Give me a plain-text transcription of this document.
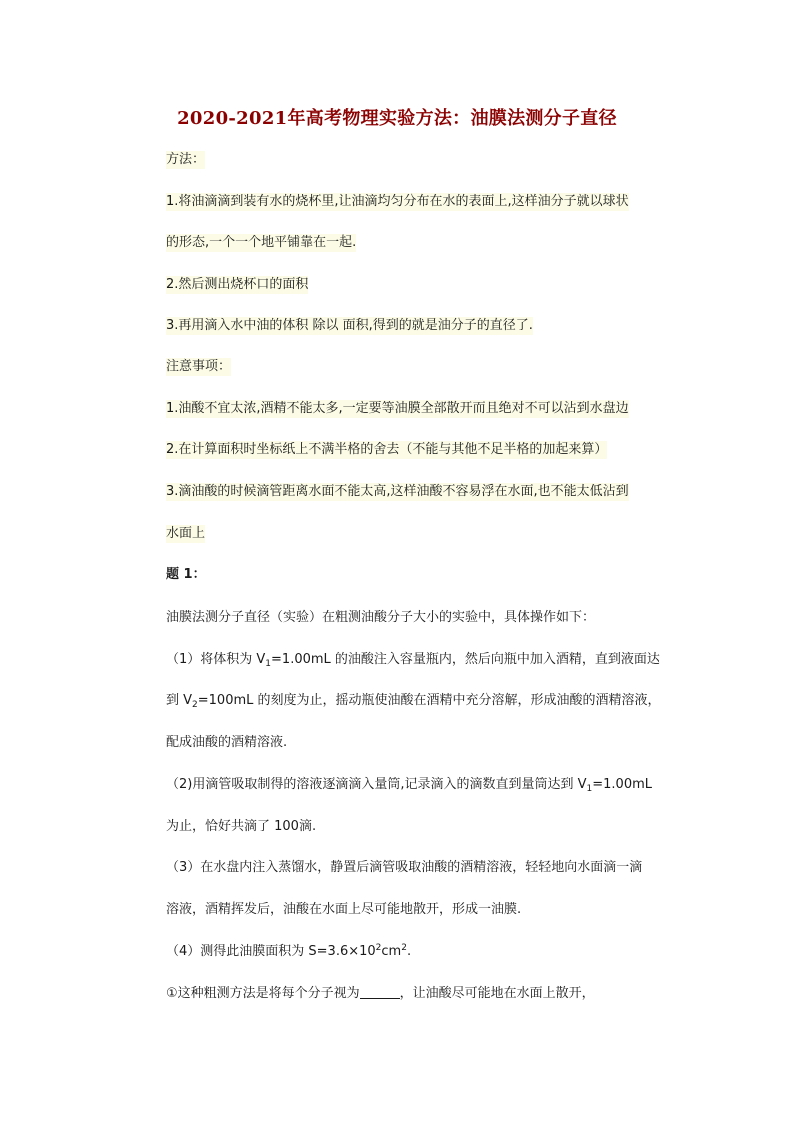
2020-2021年高考物理实验方法：油膜法测分子直径
方法：
1.将油滴滴到装有水的烧杯里,让油滴均匀分布在水的表面上,这样油分子就以球状
的形态,一个一个地平铺靠在一起.
2.然后测出烧杯口的面积
3.再用滴入水中油的体积 除以 面积,得到的就是油分子的直径了.
注意事项：
1.油酸不宜太浓,酒精不能太多,一定要等油膜全部散开而且绝对不可以沾到水盘边
2.在计算面积时坐标纸上不满半格的舍去（不能与其他不足半格的加起来算）
3.滴油酸的时候滴管距离水面不能太高,这样油酸不容易浮在水面,也不能太低沾到
水面上
题 1：
油膜法测分子直径（实验）在粗测油酸分子大小的实验中，具体操作如下：
（1）将体积为 $V_1=1.00mL$ 的油酸注入容量瓶内，然后向瓶中加入酒精，直到液面达
到 $V_2=100mL$ 的刻度为止，摇动瓶使油酸在酒精中充分溶解，形成油酸的酒精溶液，
配成油酸的酒精溶液.
（2)用滴管吸取制得的溶液逐滴滴入量筒,记录滴入的滴数直到量筒达到 $V_1=1.00mL$
为止，恰好共滴了 100滴.
（3）在水盘内注入蒸馏水，静置后滴管吸取油酸的酒精溶液，轻轻地向水面滴一滴
溶液，酒精挥发后，油酸在水面上尽可能地散开，形成一油膜.
（4）测得此油膜面积为 $S=3.6\times 10^2cm^2$.
①这种粗测方法是将每个分子视为	，让油酸尽可能地在水面上散开，
